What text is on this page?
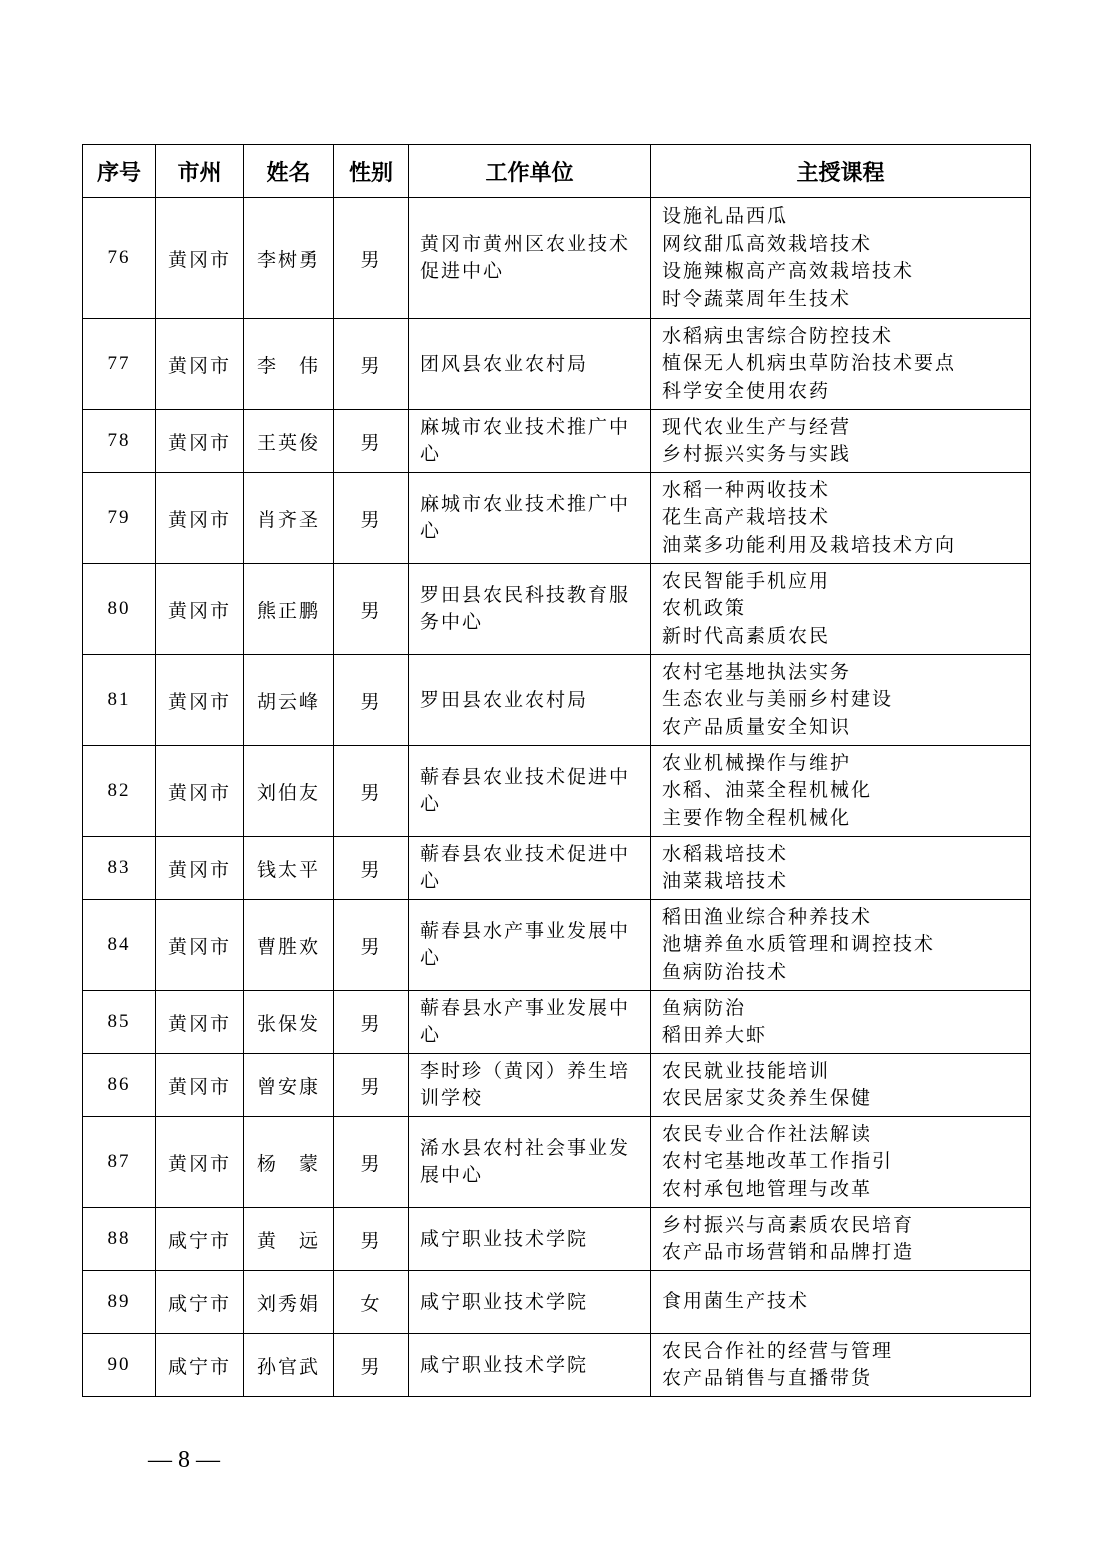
序号	市州	姓名	性别	工作单位	主授课程
76	黄冈市	李树勇	男	黄冈市黄州区农业技术促进中心	设施礼品西瓜
网纹甜瓜高效栽培技术
设施辣椒高产高效栽培技术
时令蔬菜周年生技术

77	黄冈市	李　伟	男	团风县农业农村局	水稻病虫害综合防控技术
植保无人机病虫草防治技术要点
科学安全使用农药

78	黄冈市	王英俊	男	麻城市农业技术推广中心	现代农业生产与经营
乡村振兴实务与实践

79	黄冈市	肖齐圣	男	麻城市农业技术推广中心	水稻一种两收技术
花生高产栽培技术
油菜多功能利用及栽培技术方向

80	黄冈市	熊正鹏	男	罗田县农民科技教育服务中心	农民智能手机应用
农机政策
新时代高素质农民

81	黄冈市	胡云峰	男	罗田县农业农村局	农村宅基地执法实务
生态农业与美丽乡村建设
农产品质量安全知识

82	黄冈市	刘伯友	男	蕲春县农业技术促进中心	农业机械操作与维护
水稻、油菜全程机械化
主要作物全程机械化

83	黄冈市	钱太平	男	蕲春县农业技术促进中心	水稻栽培技术
油菜栽培技术

84	黄冈市	曹胜欢	男	蕲春县水产事业发展中心	稻田渔业综合种养技术
池塘养鱼水质管理和调控技术
鱼病防治技术

85	黄冈市	张保发	男	蕲春县水产事业发展中心	鱼病防治
稻田养大虾

86	黄冈市	曾安康	男	李时珍（黄冈）养生培训学校	农民就业技能培训
农民居家艾灸养生保健

87	黄冈市	杨　蒙	男	浠水县农村社会事业发展中心	农民专业合作社法解读
农村宅基地改革工作指引
农村承包地管理与改革

88	咸宁市	黄　远	男	咸宁职业技术学院	乡村振兴与高素质农民培育
农产品市场营销和品牌打造

89	咸宁市	刘秀娟	女	咸宁职业技术学院	食用菌生产技术

90	咸宁市	孙官武	男	咸宁职业技术学院	农民合作社的经营与管理
农产品销售与直播带货
— 8 —
